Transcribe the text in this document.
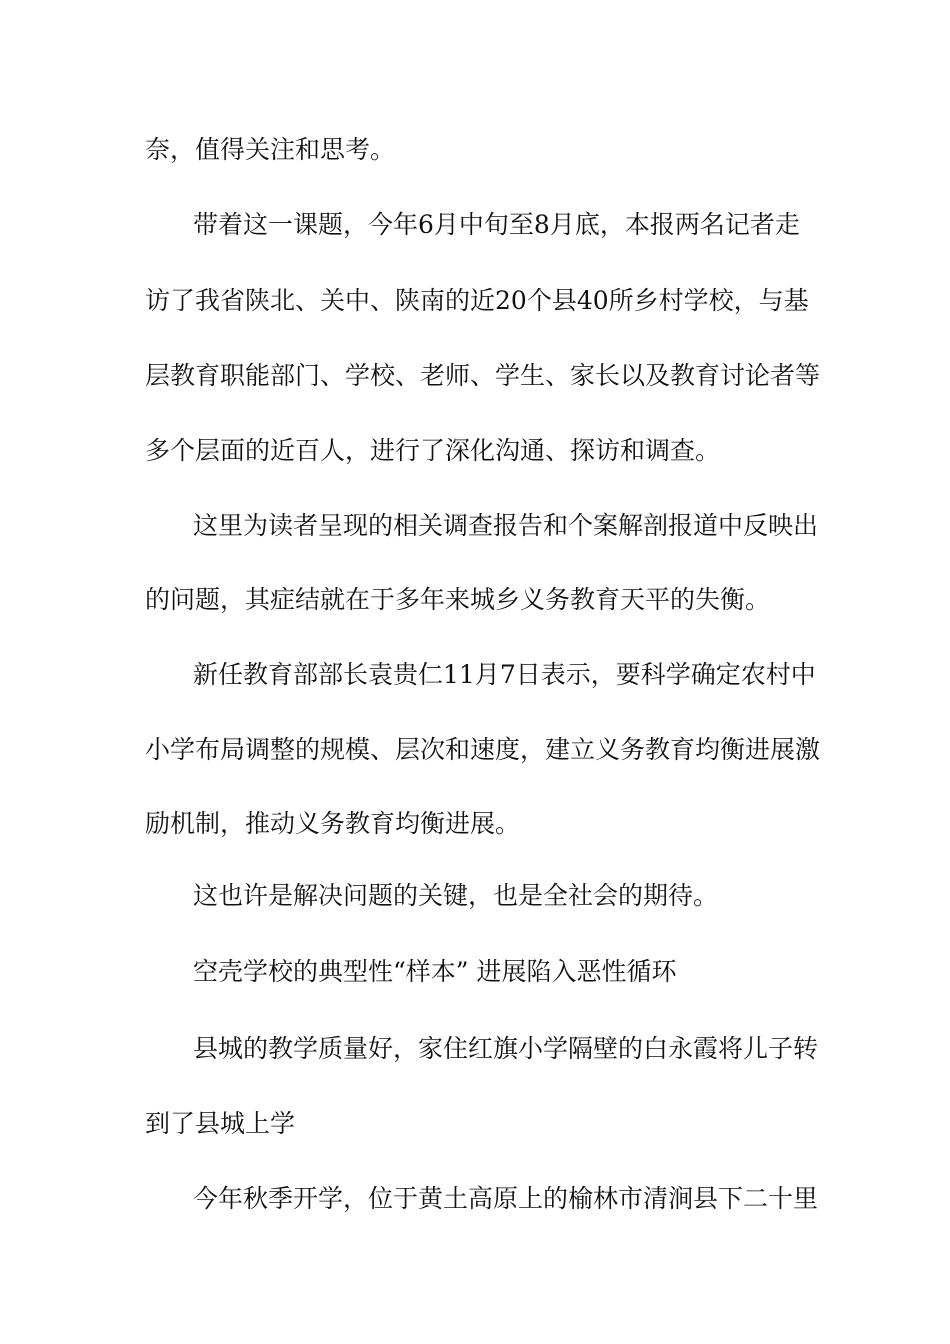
奈，值得关注和思考。
带着这一课题，今年6月中旬至8月底，本报两名记者走
访了我省陕北、关中、陕南的近20个县40所乡村学校，与基
层教育职能部门、学校、老师、学生、家长以及教育讨论者等
多个层面的近百人，进行了深化沟通、探访和调查。
这里为读者呈现的相关调查报告和个案解剖报道中反映出
的问题，其症结就在于多年来城乡义务教育天平的失衡。
新任教育部部长袁贵仁11月7日表示，要科学确定农村中
小学布局调整的规模、层次和速度，建立义务教育均衡进展激
励机制，推动义务教育均衡进展。
这也许是解决问题的关键，也是全社会的期待。
空壳学校的典型性“样本” 进展陷入恶性循环
县城的教学质量好，家住红旗小学隔壁的白永霞将儿子转
到了县城上学
今年秋季开学，位于黄土高原上的榆林市清涧县下二十里
